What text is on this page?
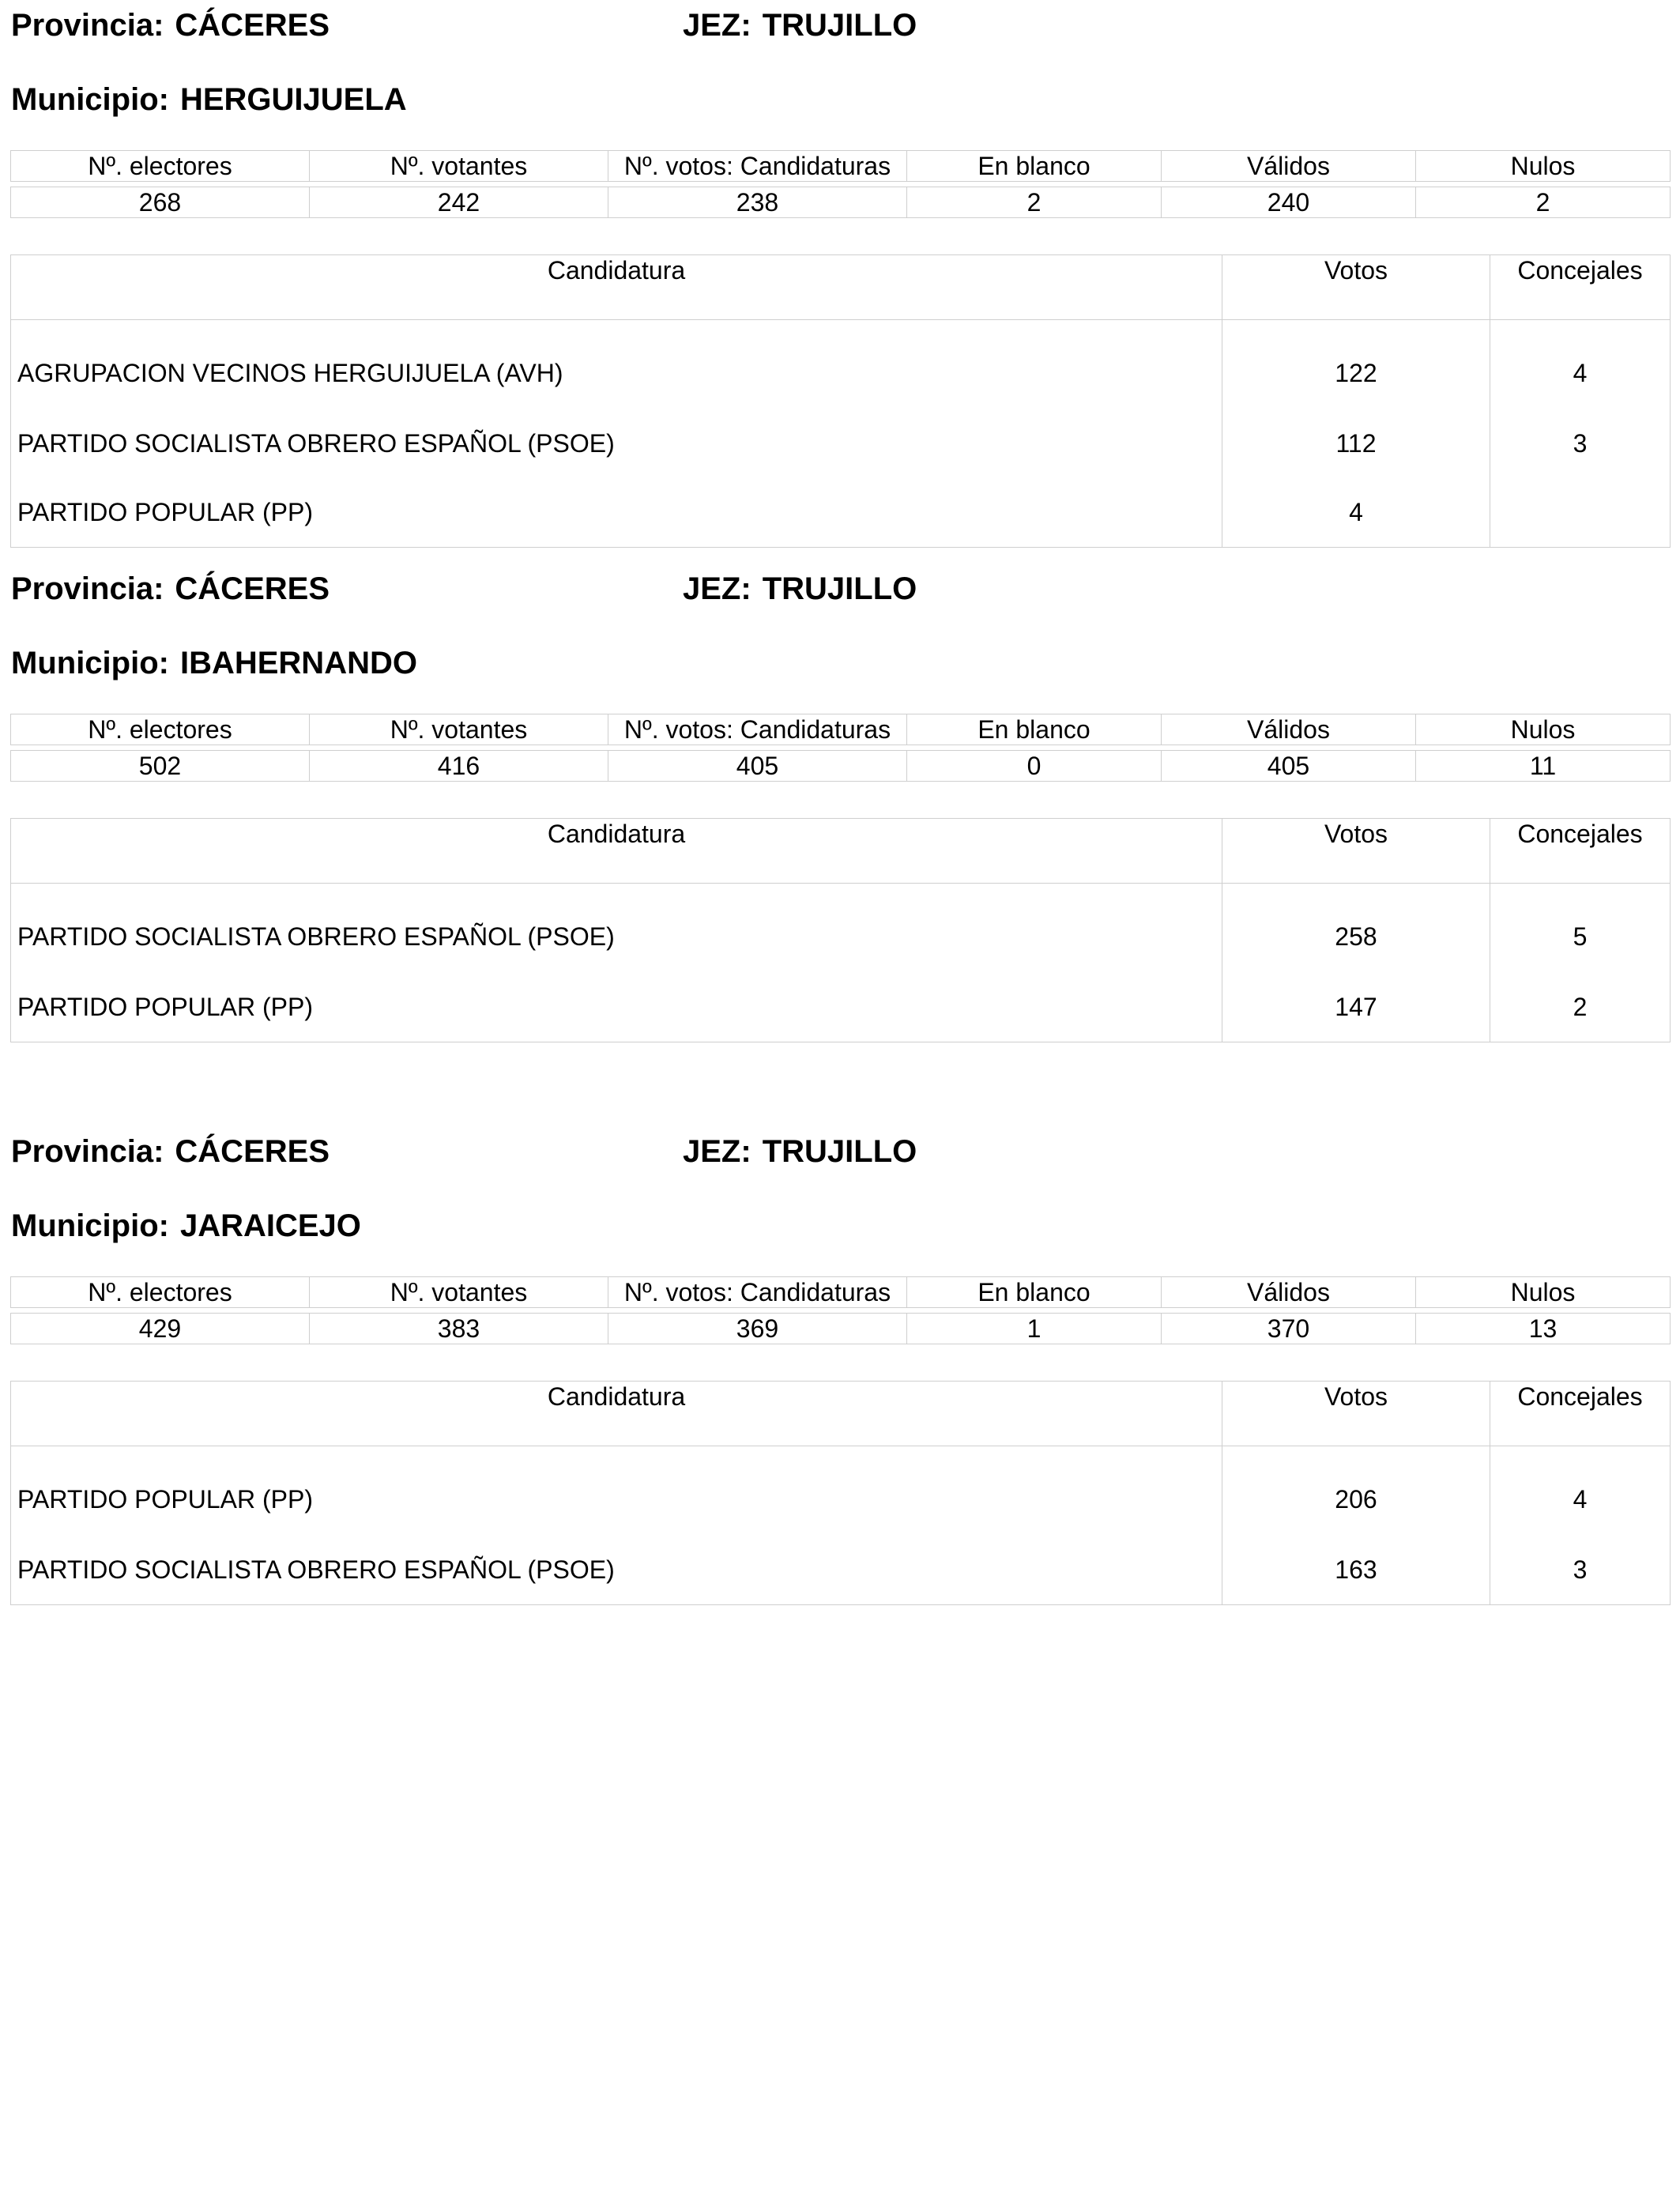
Provincia: CÁCERES	JEZ: TRUJILLO
Municipio: HERGUIJUELA
Nº. electores	Nº. votantes	Nº. votos: Candidaturas	En blanco	Válidos	Nulos

268	242	238	2	240	2
Candidatura	Votos	Concejales
AGRUPACION VECINOS HERGUIJUELA (AVH)	122	4
PARTIDO SOCIALISTA OBRERO ESPAÑOL (PSOE)	112	3
PARTIDO POPULAR (PP)	4	
Provincia: CÁCERES	JEZ: TRUJILLO
Municipio: IBAHERNANDO
Nº. electores	Nº. votantes	Nº. votos: Candidaturas	En blanco	Válidos	Nulos

502	416	405	0	405	11
Candidatura	Votos	Concejales
PARTIDO SOCIALISTA OBRERO ESPAÑOL (PSOE)	258	5
PARTIDO POPULAR (PP)	147	2
Provincia: CÁCERES	JEZ: TRUJILLO
Municipio: JARAICEJO
Nº. electores	Nº. votantes	Nº. votos: Candidaturas	En blanco	Válidos	Nulos

429	383	369	1	370	13
Candidatura	Votos	Concejales
PARTIDO POPULAR (PP)	206	4
PARTIDO SOCIALISTA OBRERO ESPAÑOL (PSOE)	163	3
